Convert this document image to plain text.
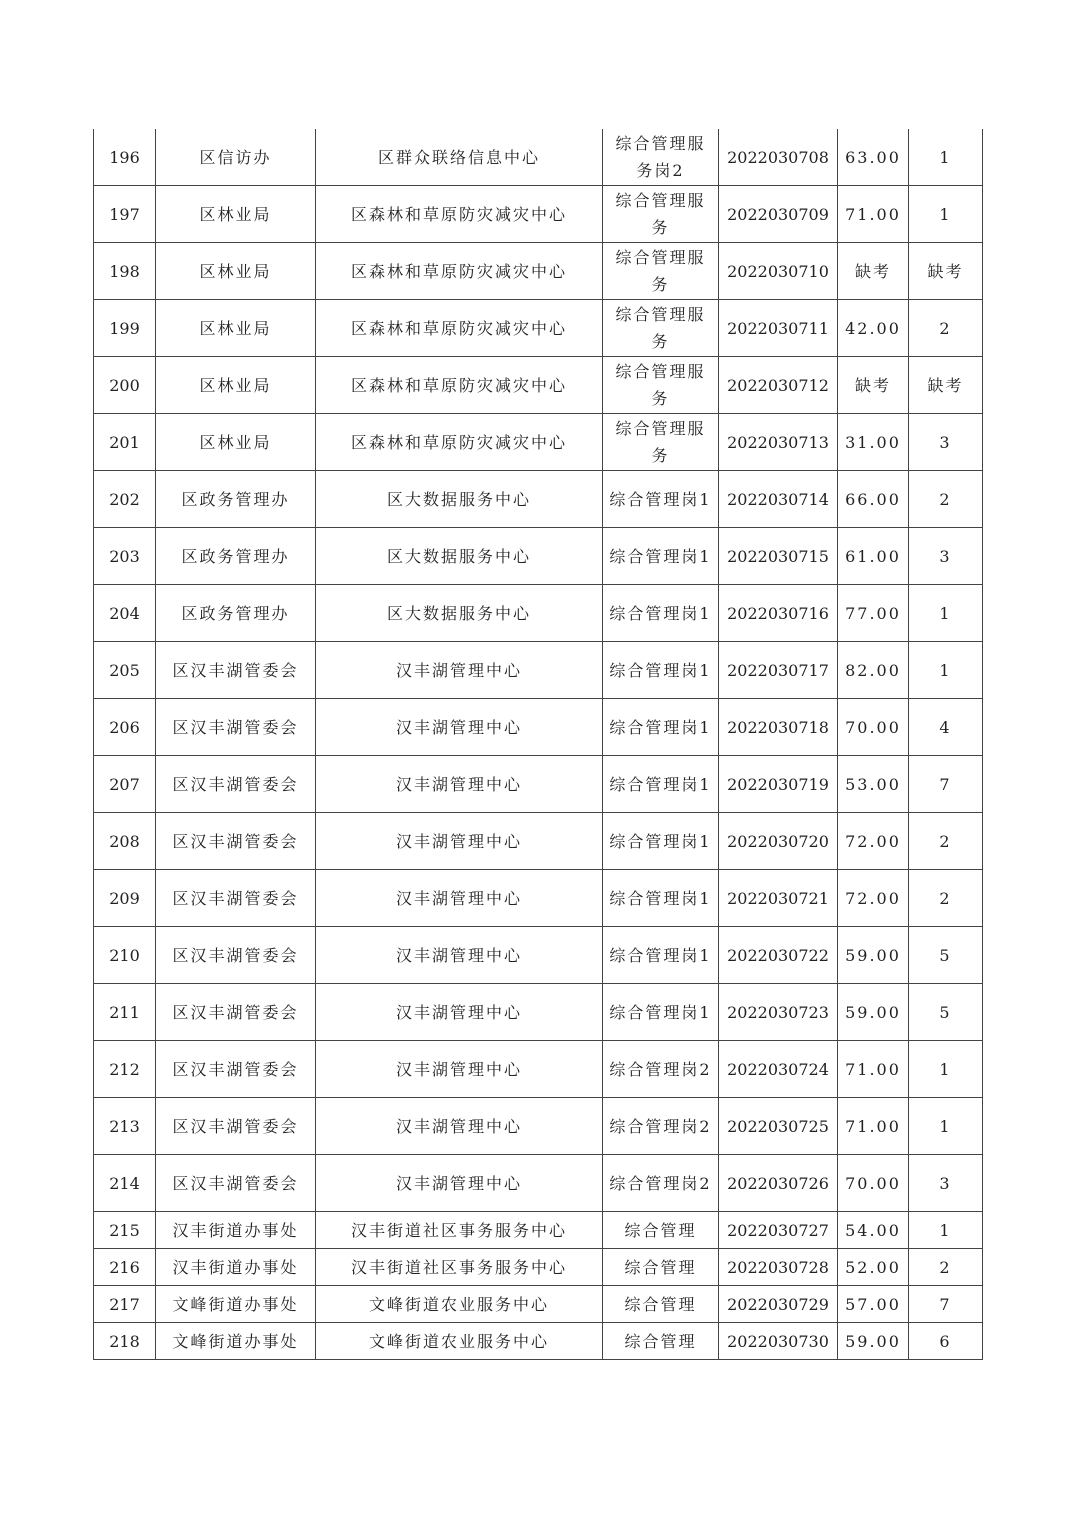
196	区信访办	区群众联络信息中心	综合管理服务岗2	2022030708	63.00	1
197	区林业局	区森林和草原防灾减灾中心	综合管理服务	2022030709	71.00	1
198	区林业局	区森林和草原防灾减灾中心	综合管理服务	2022030710	缺考	缺考
199	区林业局	区森林和草原防灾减灾中心	综合管理服务	2022030711	42.00	2
200	区林业局	区森林和草原防灾减灾中心	综合管理服务	2022030712	缺考	缺考
201	区林业局	区森林和草原防灾减灾中心	综合管理服务	2022030713	31.00	3
202	区政务管理办	区大数据服务中心	综合管理岗1	2022030714	66.00	2
203	区政务管理办	区大数据服务中心	综合管理岗1	2022030715	61.00	3
204	区政务管理办	区大数据服务中心	综合管理岗1	2022030716	77.00	1
205	区汉丰湖管委会	汉丰湖管理中心	综合管理岗1	2022030717	82.00	1
206	区汉丰湖管委会	汉丰湖管理中心	综合管理岗1	2022030718	70.00	4
207	区汉丰湖管委会	汉丰湖管理中心	综合管理岗1	2022030719	53.00	7
208	区汉丰湖管委会	汉丰湖管理中心	综合管理岗1	2022030720	72.00	2
209	区汉丰湖管委会	汉丰湖管理中心	综合管理岗1	2022030721	72.00	2
210	区汉丰湖管委会	汉丰湖管理中心	综合管理岗1	2022030722	59.00	5
211	区汉丰湖管委会	汉丰湖管理中心	综合管理岗1	2022030723	59.00	5
212	区汉丰湖管委会	汉丰湖管理中心	综合管理岗2	2022030724	71.00	1
213	区汉丰湖管委会	汉丰湖管理中心	综合管理岗2	2022030725	71.00	1
214	区汉丰湖管委会	汉丰湖管理中心	综合管理岗2	2022030726	70.00	3
215	汉丰街道办事处	汉丰街道社区事务服务中心	综合管理	2022030727	54.00	1
216	汉丰街道办事处	汉丰街道社区事务服务中心	综合管理	2022030728	52.00	2
217	文峰街道办事处	文峰街道农业服务中心	综合管理	2022030729	57.00	7
218	文峰街道办事处	文峰街道农业服务中心	综合管理	2022030730	59.00	6
